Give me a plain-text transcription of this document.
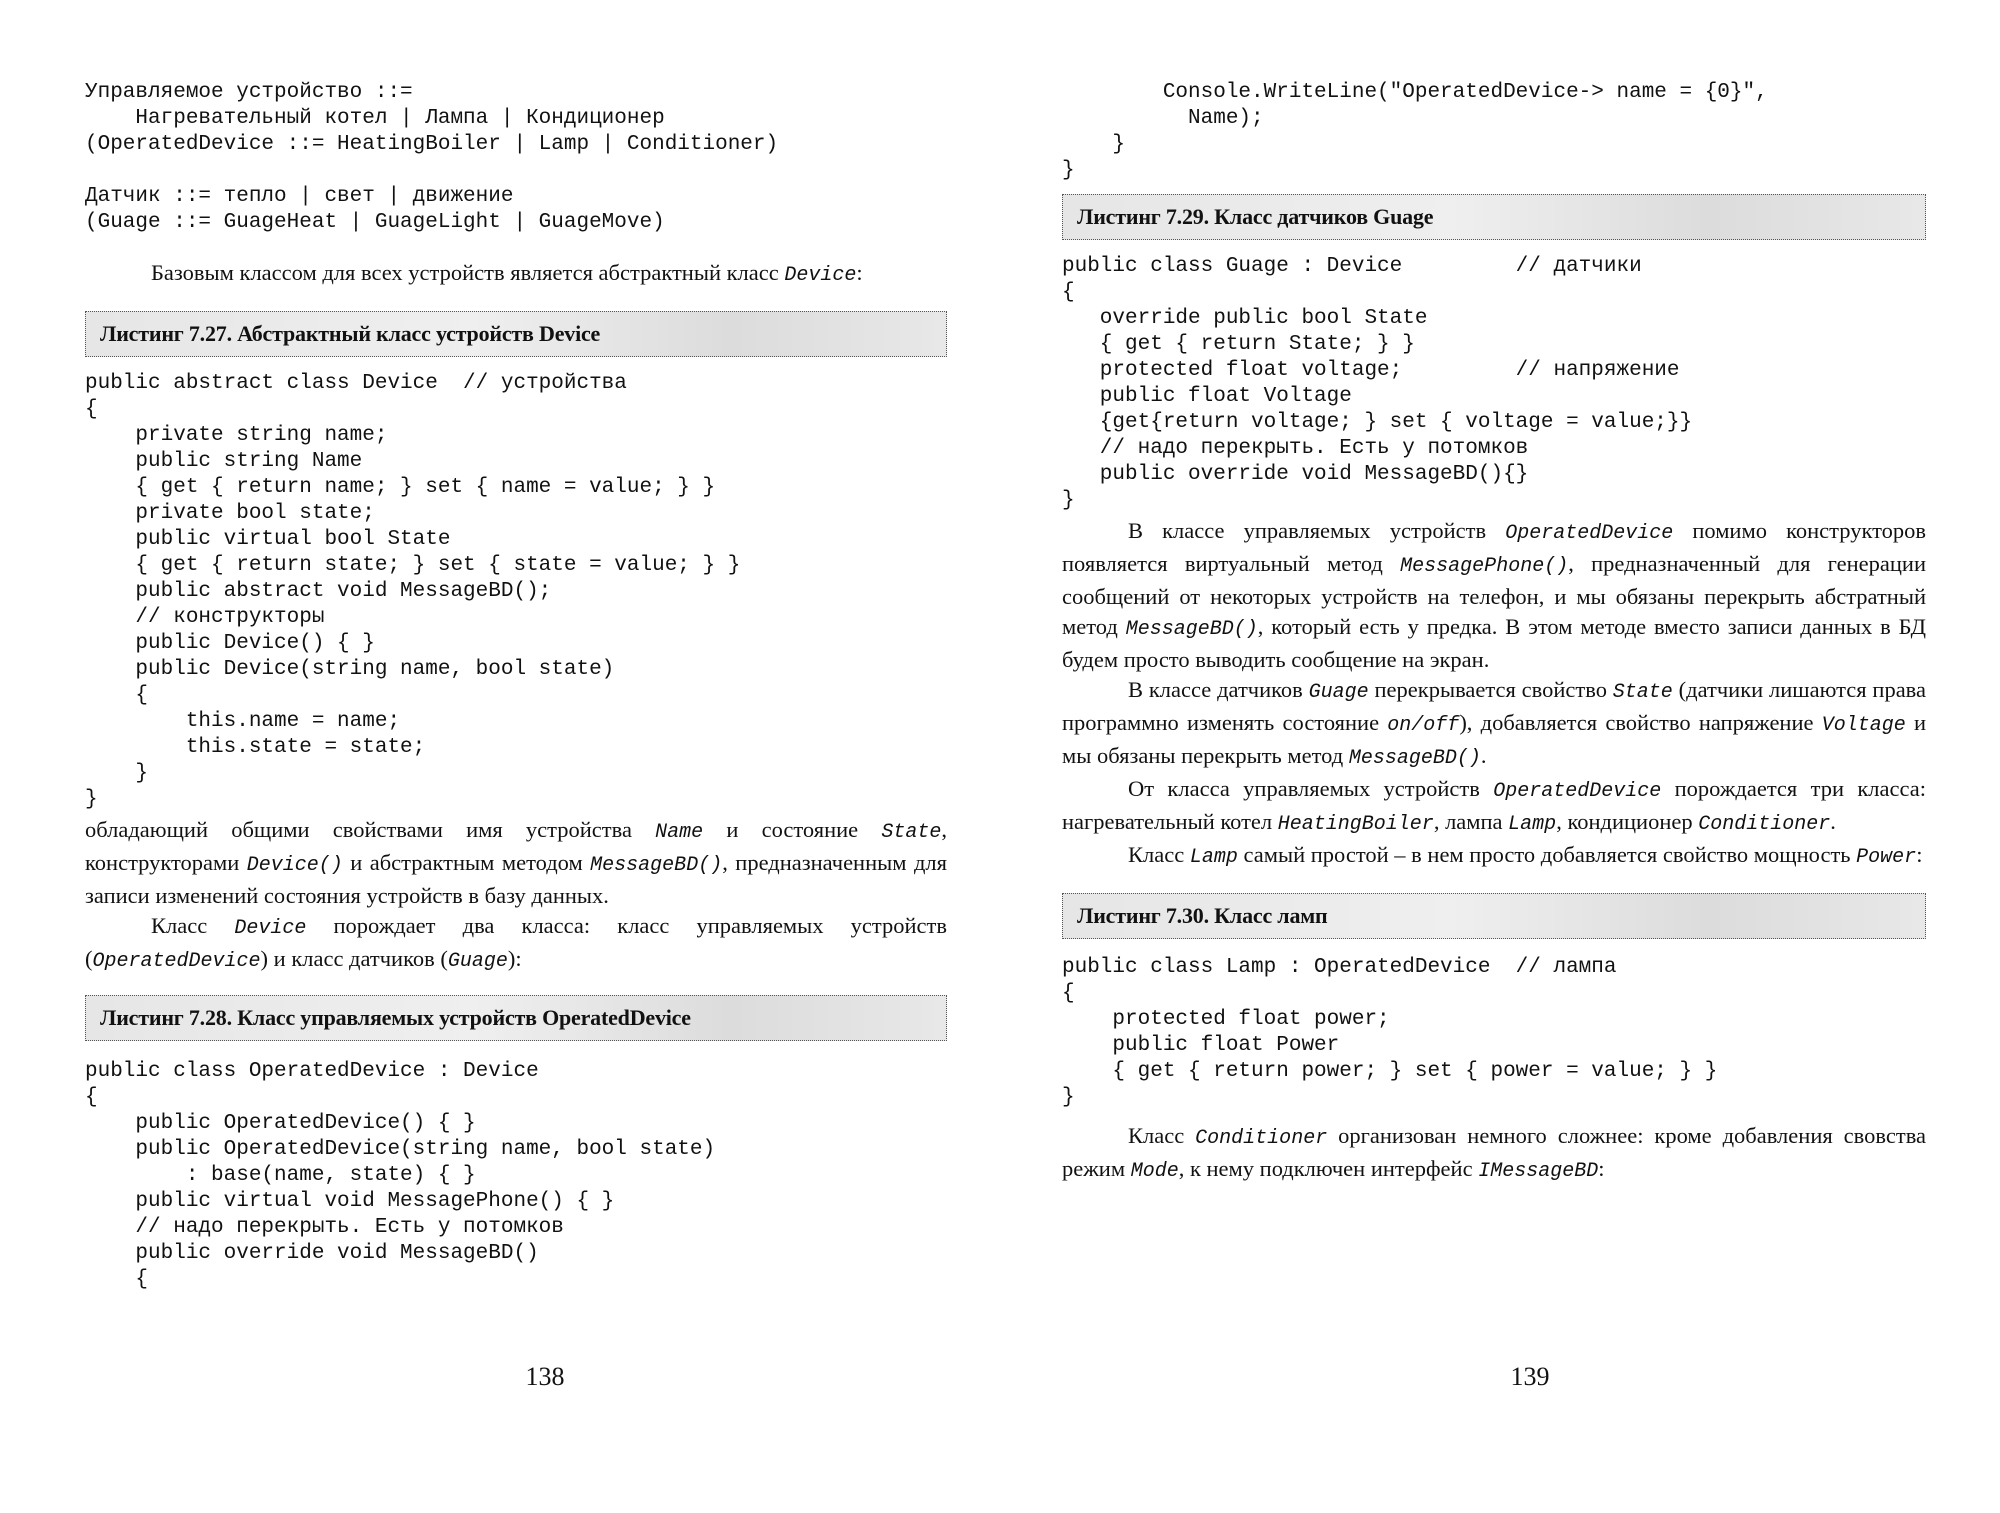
Управляемое устройство ::=
Нагревательный котел | Лампа | Кондиционер
(OperatedDevice ::= HeatingBoiler | Lamp | Conditioner)

Датчик ::= тепло | свет | движение
(Guage ::= GuageHeat | GuageLight | GuageMove)

Базовым классом для всех устройств является абстрактный класс Device:

Листинг 7.27. Абстрактный класс устройств Device
public abstract class Device  // устройства
{
private string name;
public string Name
{ get { return name; } set { name = value; } }
private bool state;
public virtual bool State
{ get { return state; } set { state = value; } }
public abstract void MessageBD();
// конструкторы
public Device() { }
public Device(string name, bool state)
{
this.name = name;
this.state = state;
}
}

обладающий общими свойствами имя устройства Name и состояние State, конструкторами Device() и абстрактным методом MessageBD(), предназначенным для записи изменений состояния устройств в базу данных.

Класс Device порождает два класса: класс управляемых устройств (OperatedDevice) и класс датчиков (Guage):

Листинг 7.28. Класс управляемых устройств OperatedDevice
public class OperatedDevice : Device
{
public OperatedDevice() { }
public OperatedDevice(string name, bool state)
: base(name, state) { }
public virtual void MessagePhone() { }
// надо перекрыть. Есть у потомков
public override void MessageBD()
{
138
Console.WriteLine("OperatedDevice-> name = {0}",
Name);
}
}
Листинг 7.29. Класс датчиков Guage
public class Guage : Device         // датчики
{
override public bool State
{ get { return State; } }
protected float voltage;         // напряжение
public float Voltage
{get{return voltage; } set { voltage = value;}}
// надо перекрыть. Есть у потомков
public override void MessageBD(){}
}

В классе управляемых устройств OperatedDevice помимо конструкторов появляется виртуальный метод MessagePhone(), предназначенный для генерации сообщений от некоторых устройств на телефон, и мы обязаны перекрыть абстратный метод MessageBD(), который есть у предка. В этом методе вместо записи данных в БД будем просто выводить сообщение на экран.

В классе датчиков Guage перекрывается свойство State (датчики лишаются права программно изменять состояние on/off), добавляется свойство напряжение Voltage и мы обязаны перекрыть метод MessageBD().

От класса управляемых устройств OperatedDevice порождается три класса: нагревательный котел HeatingBoiler, лампа Lamp, кондиционер Conditioner.

Класс Lamp самый простой – в нем просто добавляется свойство мощность Power:

Листинг 7.30. Класс ламп
public class Lamp : OperatedDevice  // лампа
{
protected float power;
public float Power
{ get { return power; } set { power = value; } }
}

Класс Conditioner организован немного сложнее: кроме добавления свовства режим Mode, к нему подключен интерфейс IMessageBD:

139
